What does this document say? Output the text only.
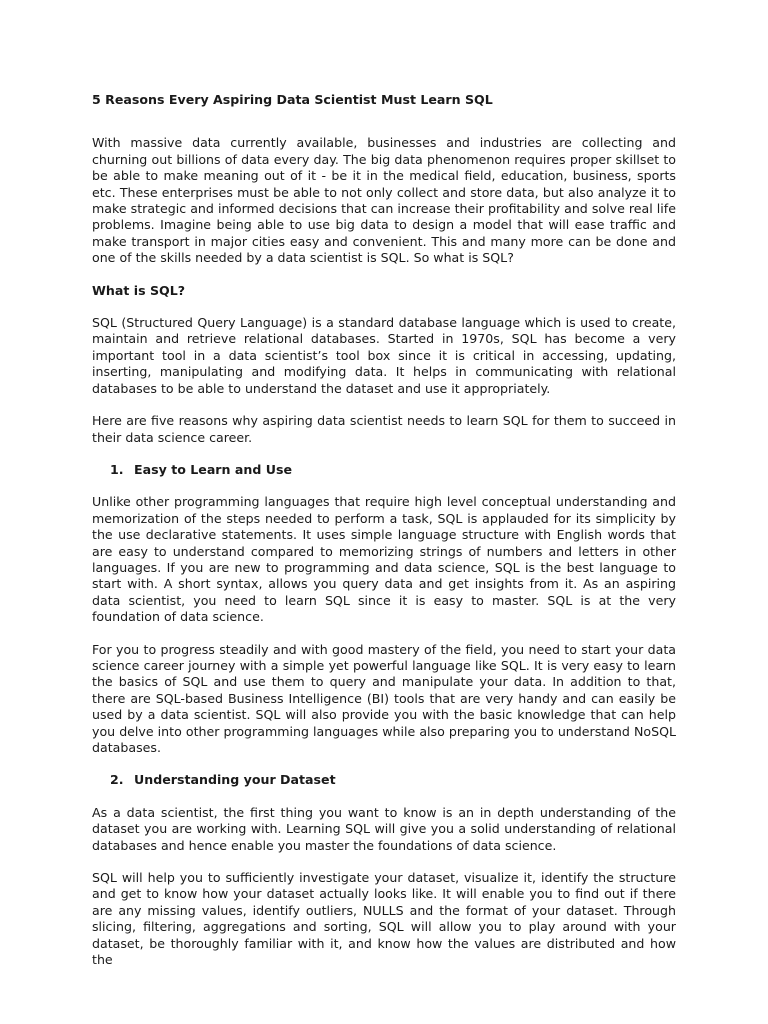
5 Reasons Every Aspiring Data Scientist Must Learn SQL
With massive data currently available, businesses and industries are collecting and churning out billions of data every day. The big data phenomenon requires proper skillset to be able to make meaning out of it - be it in the medical field, education, business, sports etc. These enterprises must be able to not only collect and store data, but also analyze it to make strategic and informed decisions that can increase their profitability and solve real life problems. Imagine being able to use big data to design a model that will ease traffic and make transport in major cities easy and convenient. This and many more can be done and one of the skills needed by a data scientist is SQL. So what is SQL?
What is SQL?
SQL (Structured Query Language) is a standard database language which is used to create, maintain and retrieve relational databases. Started in 1970s, SQL has become a very important tool in a data scientist’s tool box since it is critical in accessing, updating, inserting, manipulating and modifying data. It helps in communicating with relational databases to be able to understand the dataset and use it appropriately.
Here are five reasons why aspiring data scientist needs to learn SQL for them to succeed in their data science career.
1. Easy to Learn and Use
Unlike other programming languages that require high level conceptual understanding and memorization of the steps needed to perform a task, SQL is applauded for its simplicity by the use declarative statements. It uses simple language structure with English words that are easy to understand compared to memorizing strings of numbers and letters in other languages. If you are new to programming and data science, SQL is the best language to start with. A short syntax, allows you query data and get insights from it. As an aspiring data scientist, you need to learn SQL since it is easy to master. SQL is at the very foundation of data science.
For you to progress steadily and with good mastery of the field, you need to start your data science career journey with a simple yet powerful language like SQL. It is very easy to learn the basics of SQL and use them to query and manipulate your data. In addition to that, there are SQL-based Business Intelligence (BI) tools that are very handy and can easily be used by a data scientist. SQL will also provide you with the basic knowledge that can help you delve into other programming languages while also preparing you to understand NoSQL databases.
2. Understanding your Dataset
As a data scientist, the first thing you want to know is an in depth understanding of the dataset you are working with. Learning SQL will give you a solid understanding of relational databases and hence enable you master the foundations of data science.
SQL will help you to sufficiently investigate your dataset, visualize it, identify the structure and get to know how your dataset actually looks like. It will enable you to find out if there are any missing values, identify outliers, NULLS and the format of your dataset. Through slicing, filtering, aggregations and sorting, SQL will allow you to play around with your dataset, be thoroughly familiar with it, and know how the values are distributed and how the
